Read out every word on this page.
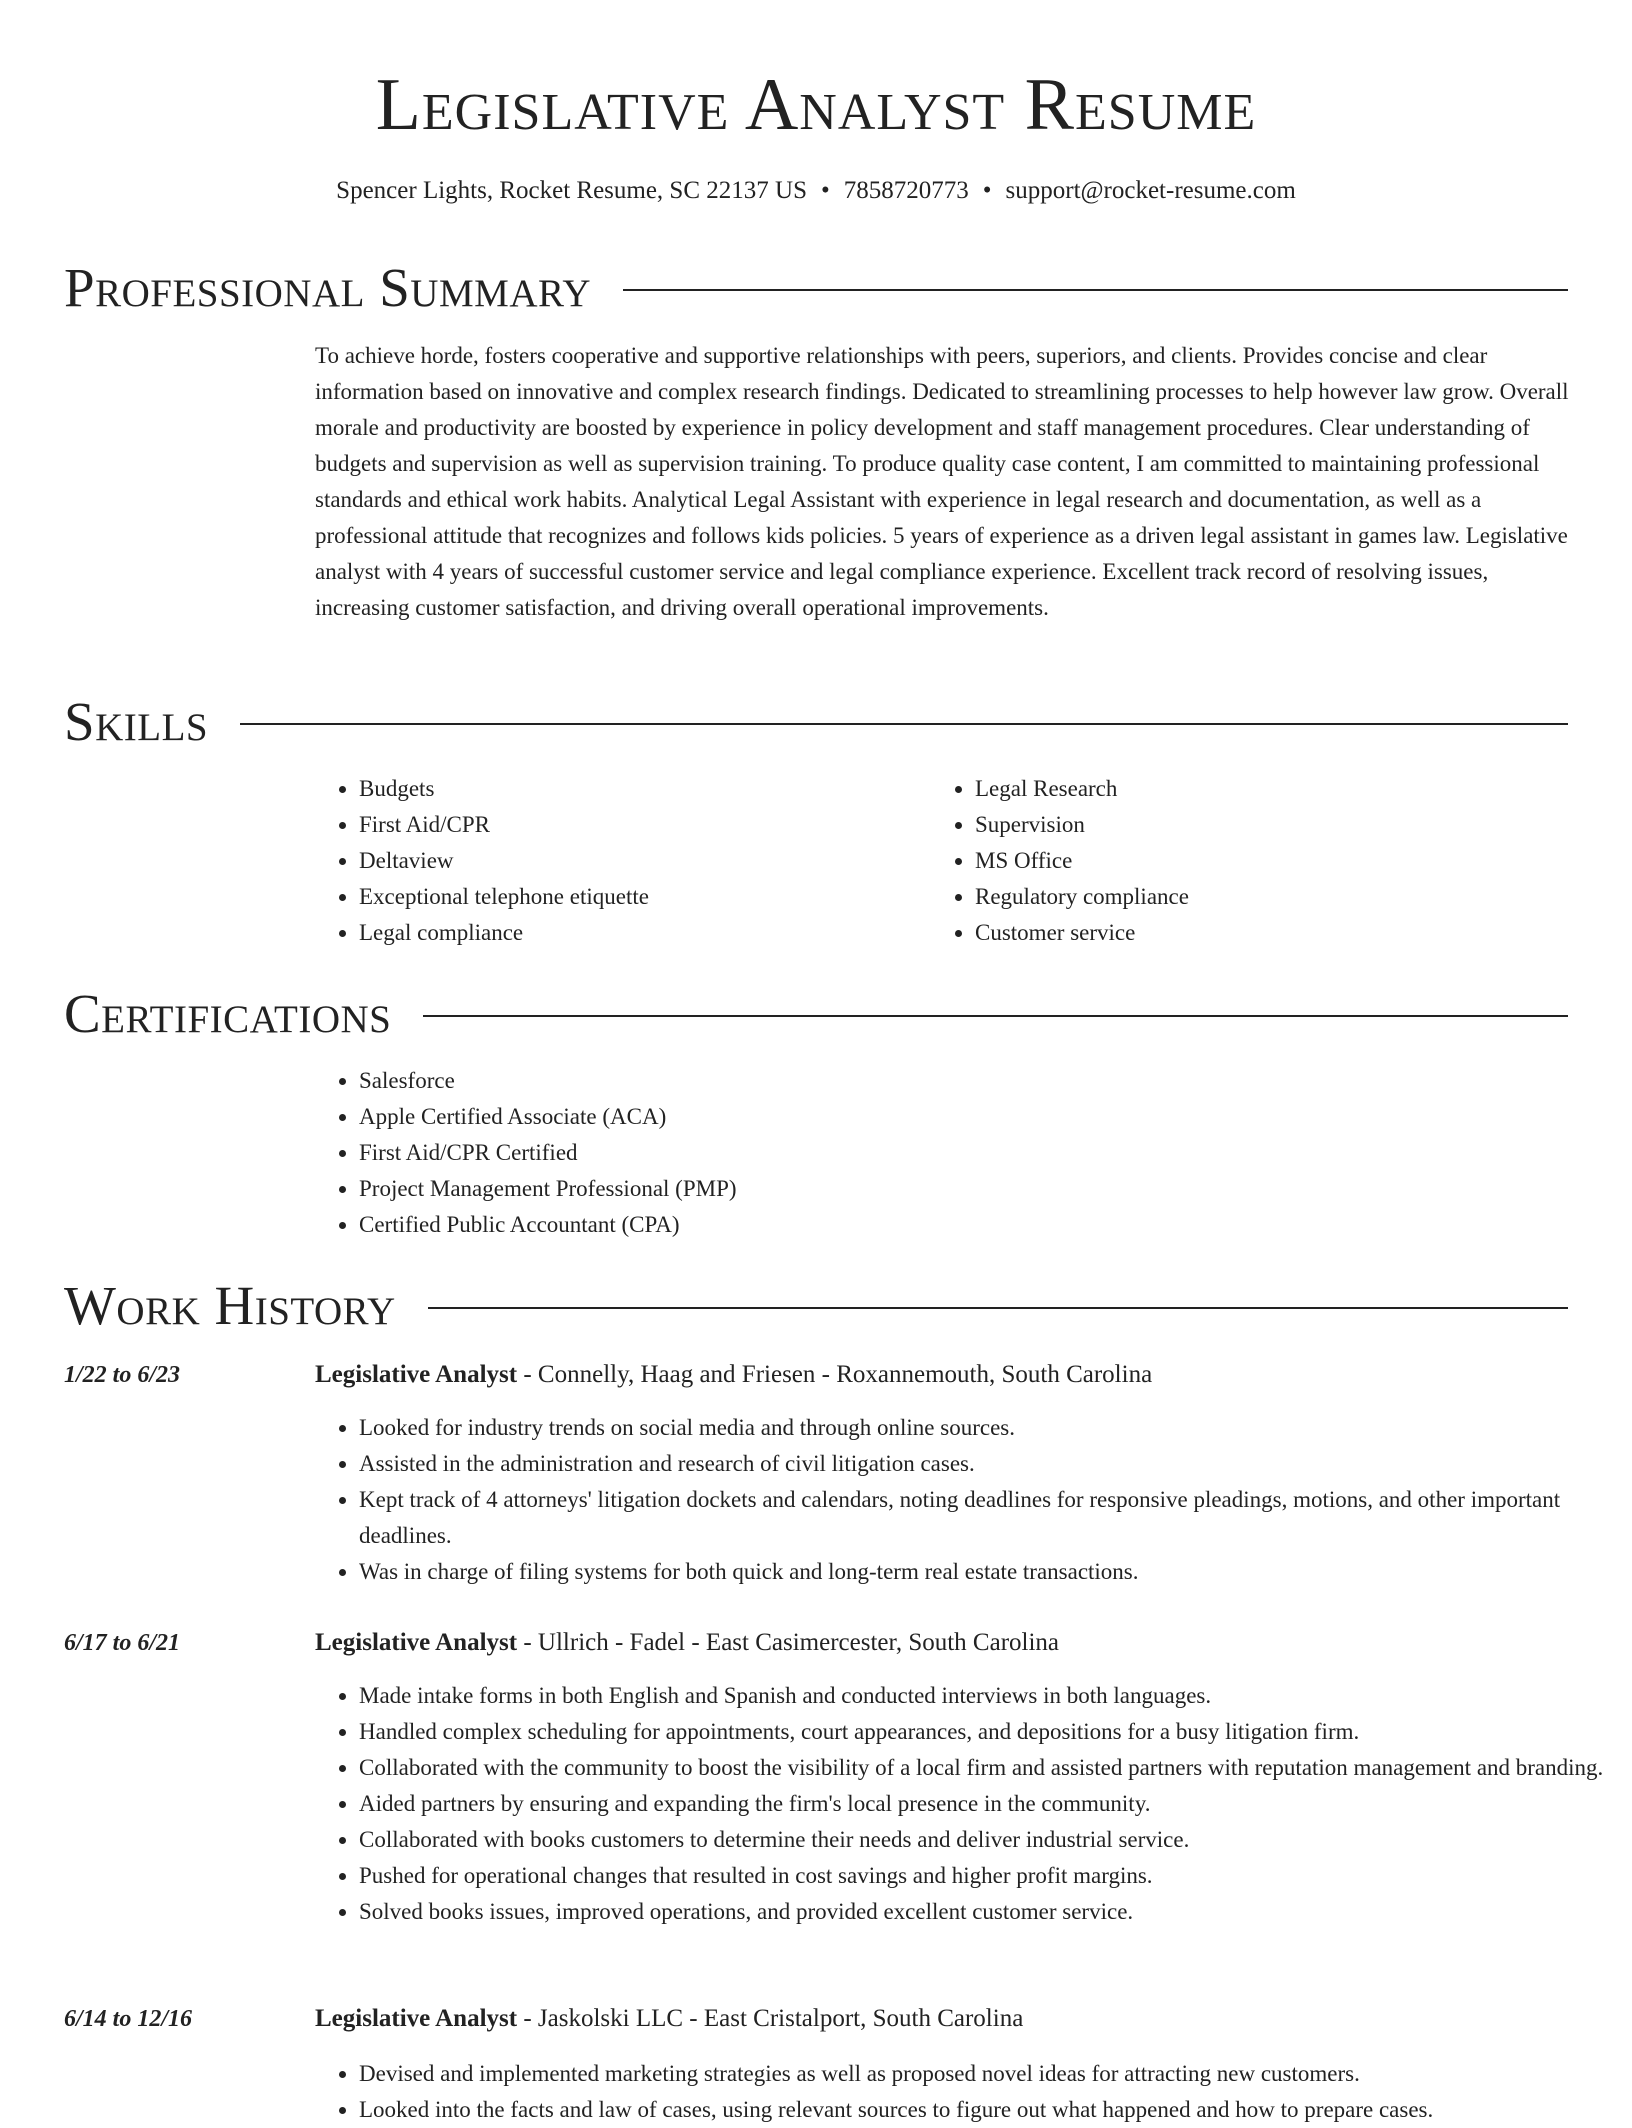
Legislative Analyst Resume
Spencer Lights, Rocket Resume, SC 22137 US • 7858720773 • support@rocket-resume.com
Professional Summary

To achieve horde, fosters cooperative and supportive relationships with peers, superiors, and clients. Provides concise and clear information based on innovative and complex research findings. Dedicated to streamlining processes to help however law grow. Overall morale and productivity are boosted by experience in policy development and staff management procedures. Clear understanding of budgets and supervision as well as supervision training. To produce quality case content, I am committed to maintaining professional standards and ethical work habits. Analytical Legal Assistant with experience in legal research and documentation, as well as a professional attitude that recognizes and follows kids policies. 5 years of experience as a driven legal assistant in games law. Legislative analyst with 4 years of successful customer service and legal compliance experience. Excellent track record of resolving issues, increasing customer satisfaction, and driving overall operational improvements.

Skills
• Budgets
• First Aid/CPR
• Deltaview
• Exceptional telephone etiquette
• Legal compliance
• Legal Research
• Supervision
• MS Office
• Regulatory compliance
• Customer service
Certifications
• Salesforce
• Apple Certified Associate (ACA)
• First Aid/CPR Certified
• Project Management Professional (PMP)
• Certified Public Accountant (CPA)
Work History
1/22 to 6/23	Legislative Analyst - Connelly, Haag and Friesen - Roxannemouth, South Carolina
• Looked for industry trends on social media and through online sources.
• Assisted in the administration and research of civil litigation cases.
• Kept track of 4 attorneys' litigation dockets and calendars, noting deadlines for responsive pleadings, motions, and other important deadlines.
• Was in charge of filing systems for both quick and long-term real estate transactions.
6/17 to 6/21	Legislative Analyst - Ullrich - Fadel - East Casimercester, South Carolina
• Made intake forms in both English and Spanish and conducted interviews in both languages.
• Handled complex scheduling for appointments, court appearances, and depositions for a busy litigation firm.
• Collaborated with the community to boost the visibility of a local firm and assisted partners with reputation management and branding.
• Aided partners by ensuring and expanding the firm's local presence in the community.
• Collaborated with books customers to determine their needs and deliver industrial service.
• Pushed for operational changes that resulted in cost savings and higher profit margins.
• Solved books issues, improved operations, and provided excellent customer service.
6/14 to 12/16	Legislative Analyst - Jaskolski LLC - East Cristalport, South Carolina
• Devised and implemented marketing strategies as well as proposed novel ideas for attracting new customers.
• Looked into the facts and law of cases, using relevant sources to figure out what happened and how to prepare cases.
